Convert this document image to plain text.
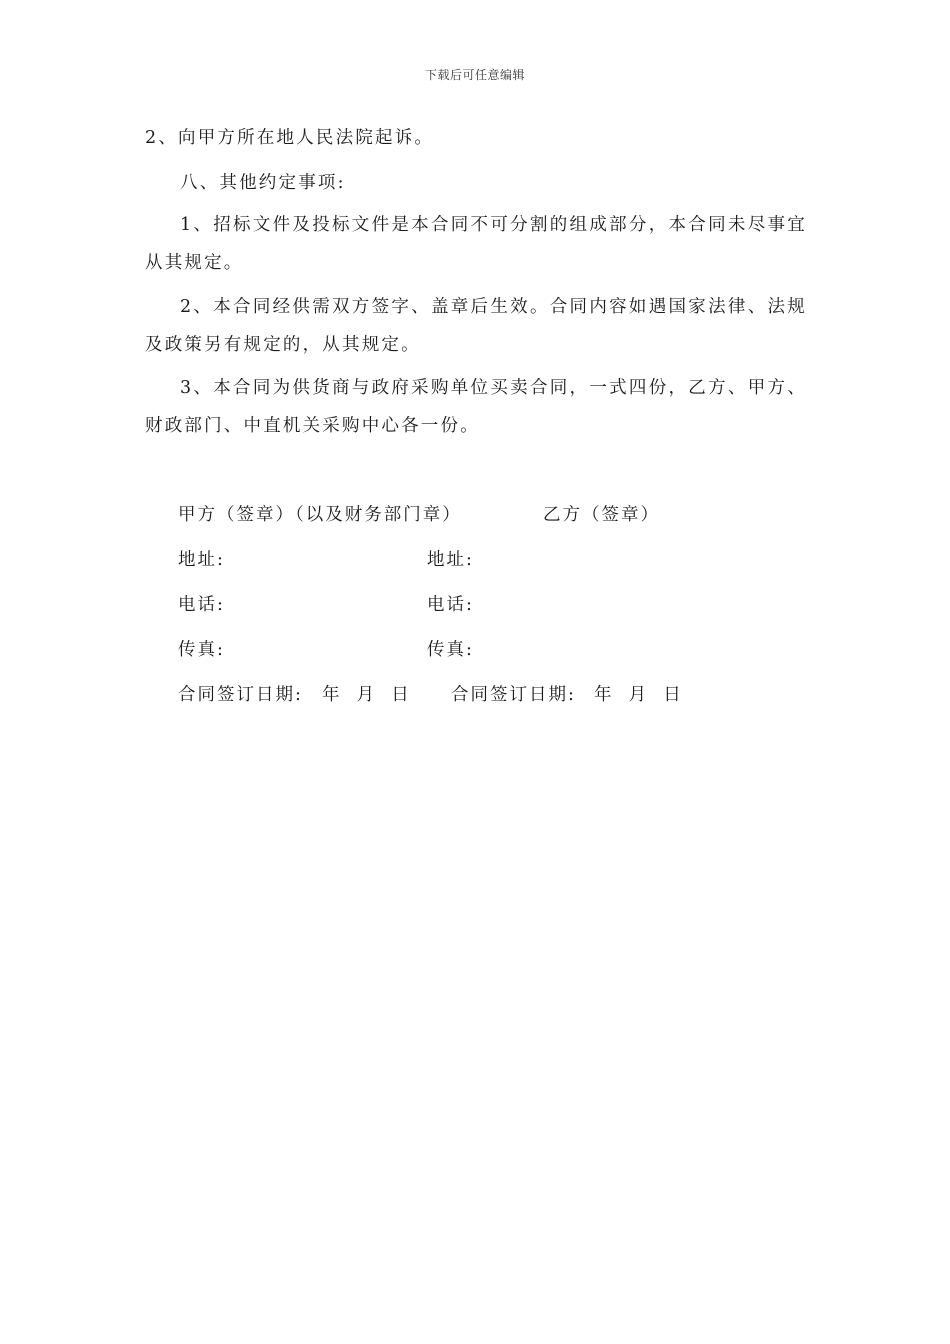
下载后可任意编辑

2、向甲方所在地人民法院起诉。

八、其他约定事项:

1、招标文件及投标文件是本合同不可分割的组成部分，本合同未尽事宜从其规定。

2、本合同经供需双方签字、盖章后生效。合同内容如遇国家法律、法规及政策另有规定的，从其规定。

3、本合同为供货商与政府采购单位买卖合同，一式四份，乙方、甲方、财政部门、中直机关采购中心各一份。

甲方（签章）（以及财务部门章）	乙方（签章）
地址:	地址:
电话:	电话:
传真:	传真:
合同签订日期: 年  月  日 合同签订日期: 年  月  日
